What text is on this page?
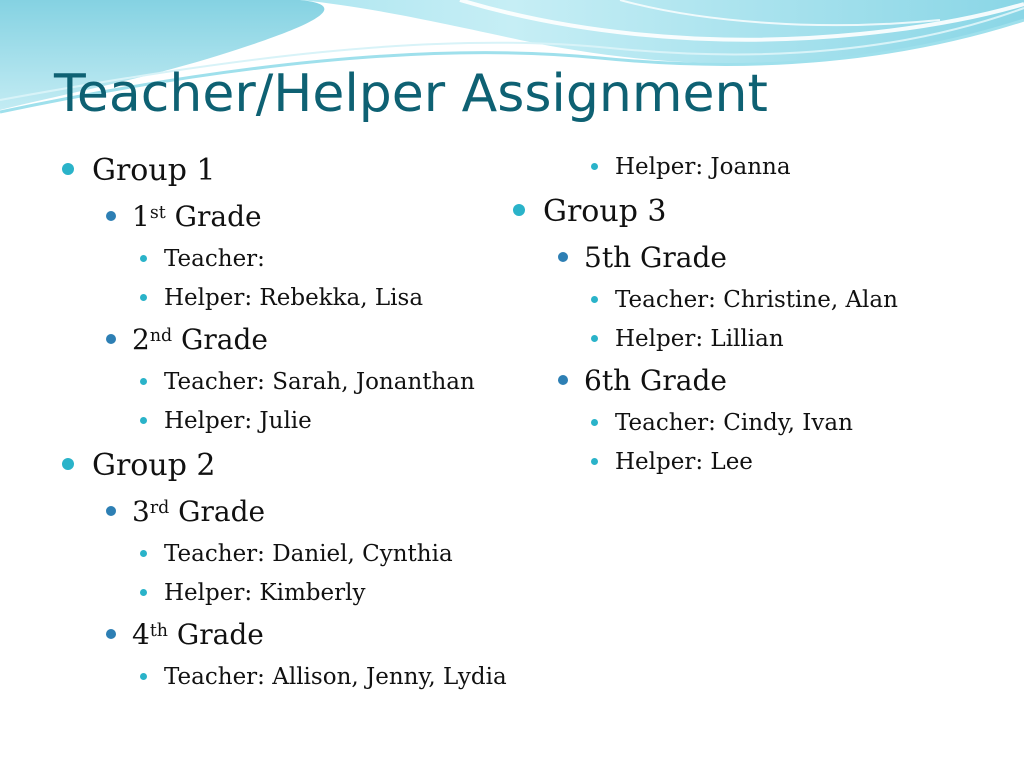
Teacher/Helper Assignment
Group 1
1st Grade
Teacher:
Helper: Rebekka, Lisa
2nd Grade
Teacher: Sarah, Jonanthan
Helper: Julie
Group 2
3rd Grade
Teacher: Daniel, Cynthia
Helper: Kimberly
4th Grade
Teacher: Allison, Jenny, Lydia
Helper: Joanna
Group 3
5th Grade
Teacher: Christine, Alan
Helper: Lillian
6th Grade
Teacher: Cindy, Ivan
Helper: Lee
